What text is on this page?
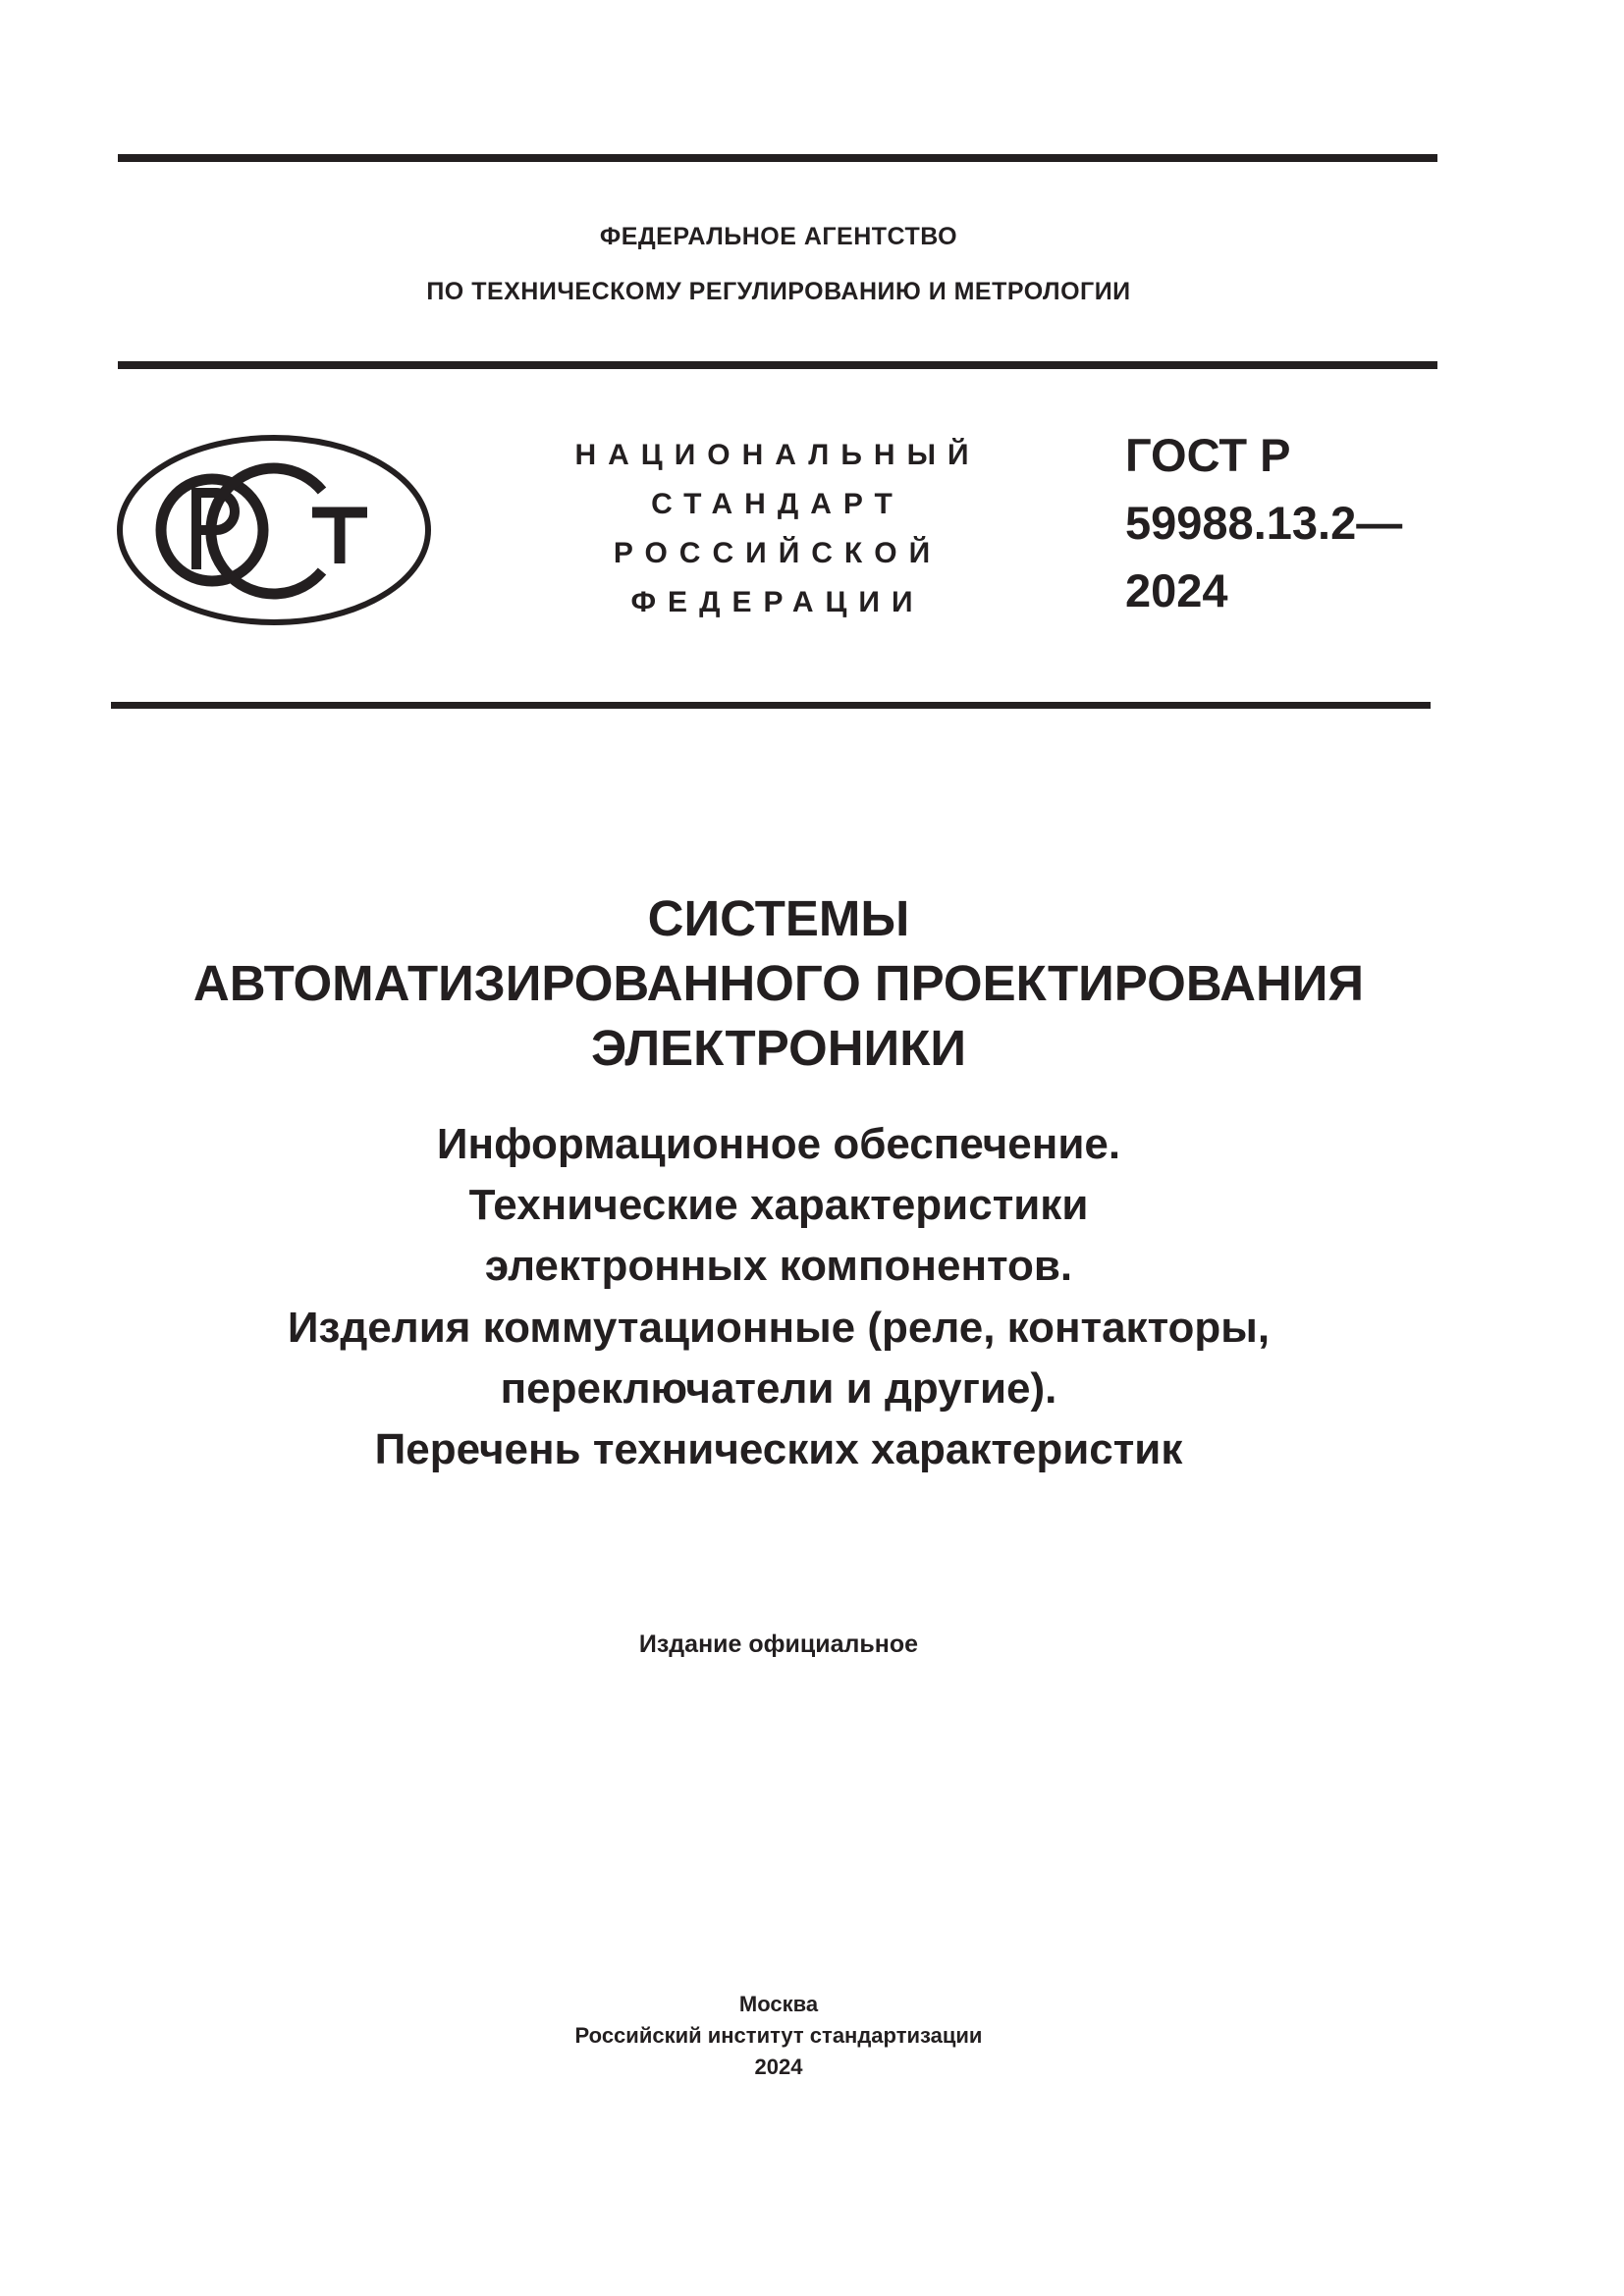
ФЕДЕРАЛЬНОЕ АГЕНТСТВО
ПО ТЕХНИЧЕСКОМУ РЕГУЛИРОВАНИЮ И МЕТРОЛОГИИ
НАЦИОНАЛЬНЫЙ
СТАНДАРТ
РОССИЙСКОЙ
ФЕДЕРАЦИИ
ГОСТ Р
59988.13.2—
2024
СИСТЕМЫ
АВТОМАТИЗИРОВАННОГО ПРОЕКТИРОВАНИЯ
ЭЛЕКТРОНИКИ
Информационное обеспечение.
Технические характеристики
электронных компонентов.
Изделия коммутационные (реле, контакторы,
переключатели и другие).
Перечень технических характеристик
Издание официальное
Москва
Российский институт стандартизации
2024
